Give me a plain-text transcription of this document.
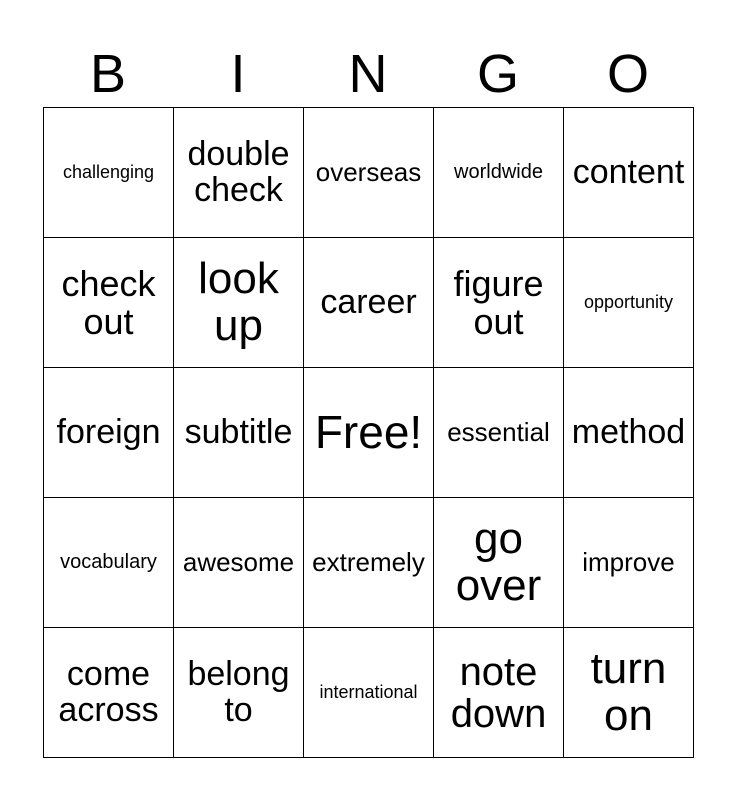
B	I	N	G	O
challenging	double check	overseas	worldwide	content
check out	look up	career	figure out	opportunity
foreign	subtitle	Free!	essential	method
vocabulary	awesome	extremely	go over	improve
come across	belong to	international	note down	turn on
